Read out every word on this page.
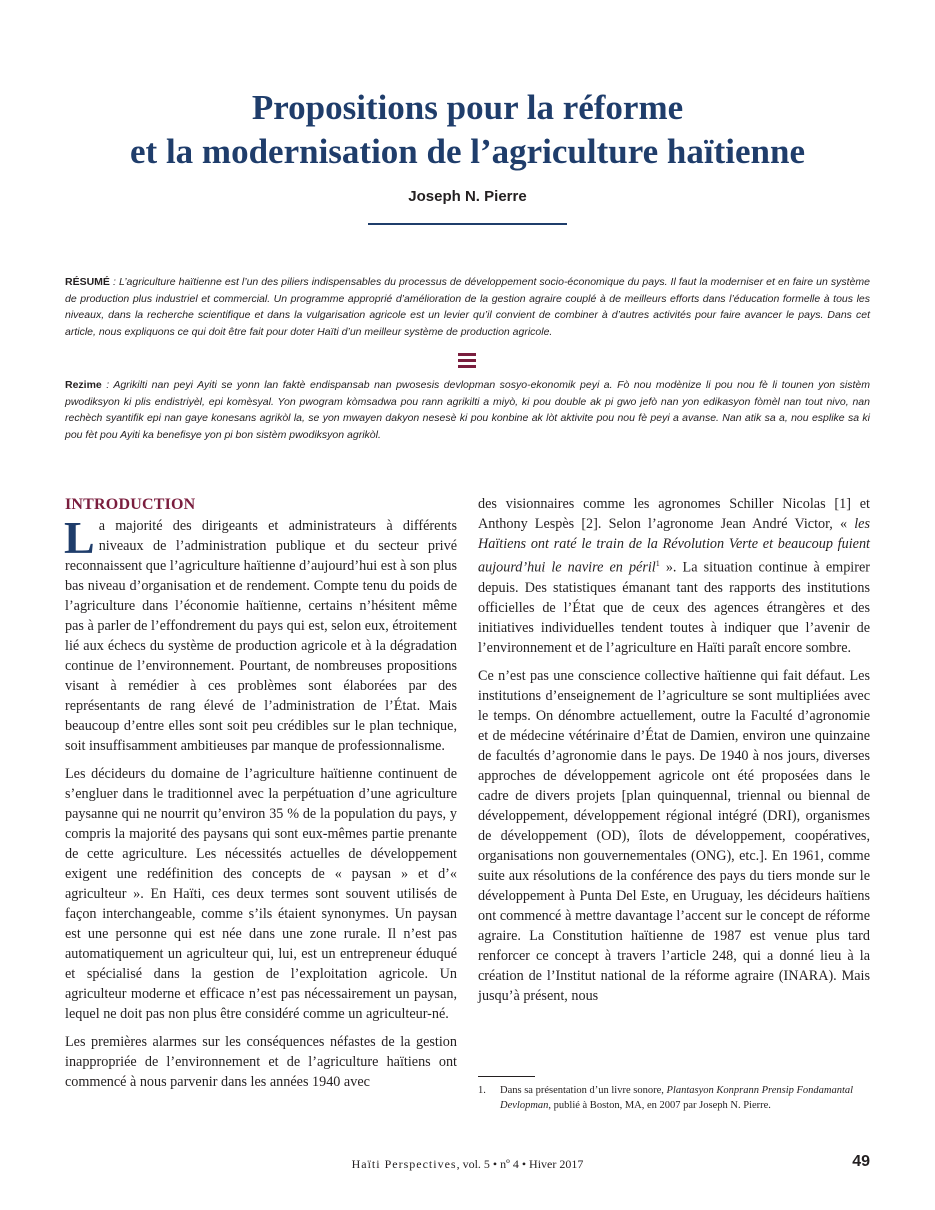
Propositions pour la réforme
et la modernisation de l’agriculture haïtienne
Joseph N. Pierre
RÉSUMÉ : L’agriculture haïtienne est l’un des piliers indispensables du processus de développement socio-économique du pays. Il faut la moderniser et en faire un système de production plus industriel et commercial. Un programme approprié d’amélioration de la gestion agraire couplé à de meilleurs efforts dans l’éducation formelle à tous les niveaux, dans la recherche scientifique et dans la vulgarisation agricole est un levier qu’il convient de combiner à d’autres activités pour faire avancer le pays. Dans cet article, nous expliquons ce qui doit être fait pour doter Haïti d’un meilleur système de production agricole.
Rezime : Agrikilti nan peyi Ayiti se yonn lan faktè endispansab nan pwosesis devlopman sosyo-ekonomik peyi a. Fò nou modènize li pou nou fè li tounen yon sistèm pwodiksyon ki plis endistriyèl, epi komèsyal. Yon pwogram kòmsadwa pou rann agrikilti a miyò, ki pou double ak pi gwo jefò nan yon edikasyon fòmèl nan tout nivo, nan rechèch syantifik epi nan gaye konesans agrikòl la, se yon mwayen dakyon nesesè ki pou konbine ak lòt aktivite pou nou fè peyi a avanse. Nan atik sa a, nou esplike sa ki pou fèt pou Ayiti ka benefisye yon pi bon sistèm pwodiksyon agrikòl.
INTRODUCTION

La majorité des dirigeants et administrateurs à différents niveaux de l’administration publique et du secteur privé reconnaissent que l’agriculture haïtienne d’aujourd’hui est à son plus bas niveau d’organisation et de rendement. Compte tenu du poids de l’agriculture dans l’économie haïtienne, certains n’hésitent même pas à parler de l’effondrement du pays qui est, selon eux, étroitement lié aux échecs du système de production agricole et à la dégradation continue de l’environnement. Pourtant, de nombreuses propositions visant à remédier à ces problèmes sont élaborées par des représentants de rang élevé de l’administration de l’État. Mais beaucoup d’entre elles sont soit peu crédibles sur le plan technique, soit insuffisamment ambitieuses par manque de professionnalisme.

Les décideurs du domaine de l’agriculture haïtienne continuent de s’engluer dans le traditionnel avec la perpétuation d’une agriculture paysanne qui ne nourrit qu’environ 35 % de la population du pays, y compris la majorité des paysans qui sont eux-mêmes partie prenante de cette agriculture. Les nécessités actuelles de développement exigent une redéfinition des concepts de « paysan » et d’« agriculteur ». En Haïti, ces deux termes sont souvent utilisés de façon interchangeable, comme s’ils étaient synonymes. Un paysan est une personne qui est née dans une zone rurale. Il n’est pas automatiquement un agriculteur qui, lui, est un entrepreneur éduqué et spécialisé dans la gestion de l’exploitation agricole. Un agriculteur moderne et efficace n’est pas nécessairement un paysan, lequel ne doit pas non plus être considéré comme un agriculteur-né.

Les premières alarmes sur les conséquences néfastes de la gestion inappropriée de l’environnement et de l’agriculture haïtiens ont commencé à nous parvenir dans les années 1940 avec

des visionnaires comme les agronomes Schiller Nicolas [1] et Anthony Lespès [2]. Selon l’agronome Jean André Victor, « les Haïtiens ont raté le train de la Révolution Verte et beaucoup fuient aujourd’hui le navire en péril$^1$ ». La situation continue à empirer depuis. Des statistiques émanant tant des rapports des institutions officielles de l’État que de ceux des agences étrangères et des initiatives individuelles tendent toutes à indiquer que l’avenir de l’environnement et de l’agriculture en Haïti paraît encore sombre.

Ce n’est pas une conscience collective haïtienne qui fait défaut. Les institutions d’enseignement de l’agriculture se sont multipliées avec le temps. On dénombre actuellement, outre la Faculté d’agronomie et de médecine vétérinaire d’État de Damien, environ une quinzaine de facultés d’agronomie dans le pays. De 1940 à nos jours, diverses approches de développement agricole ont été proposées dans le cadre de divers projets [plan quinquennal, triennal ou biennal de développement, développement régional intégré (DRI), organismes de développement (OD), îlots de développement, coopératives, organisations non gouvernementales (ONG), etc.]. En 1961, comme suite aux résolutions de la conférence des pays du tiers monde sur le développement à Punta Del Este, en Uruguay, les décideurs haïtiens ont commencé à mettre davantage l’accent sur le concept de réforme agraire. La Constitution haïtienne de 1987 est venue plus tard renforcer ce concept à travers l’article 248, qui a donné lieu à la création de l’Institut national de la réforme agraire (INARA). Mais jusqu’à présent, nous

1. Dans sa présentation d’un livre sonore, Plantasyon Konprann Prensip Fondamantal Devlopman, publié à Boston, MA, en 2007 par Joseph N. Pierre.
Haïti Perspectives, vol. 5 • nº 4 • Hiver 2017	49
